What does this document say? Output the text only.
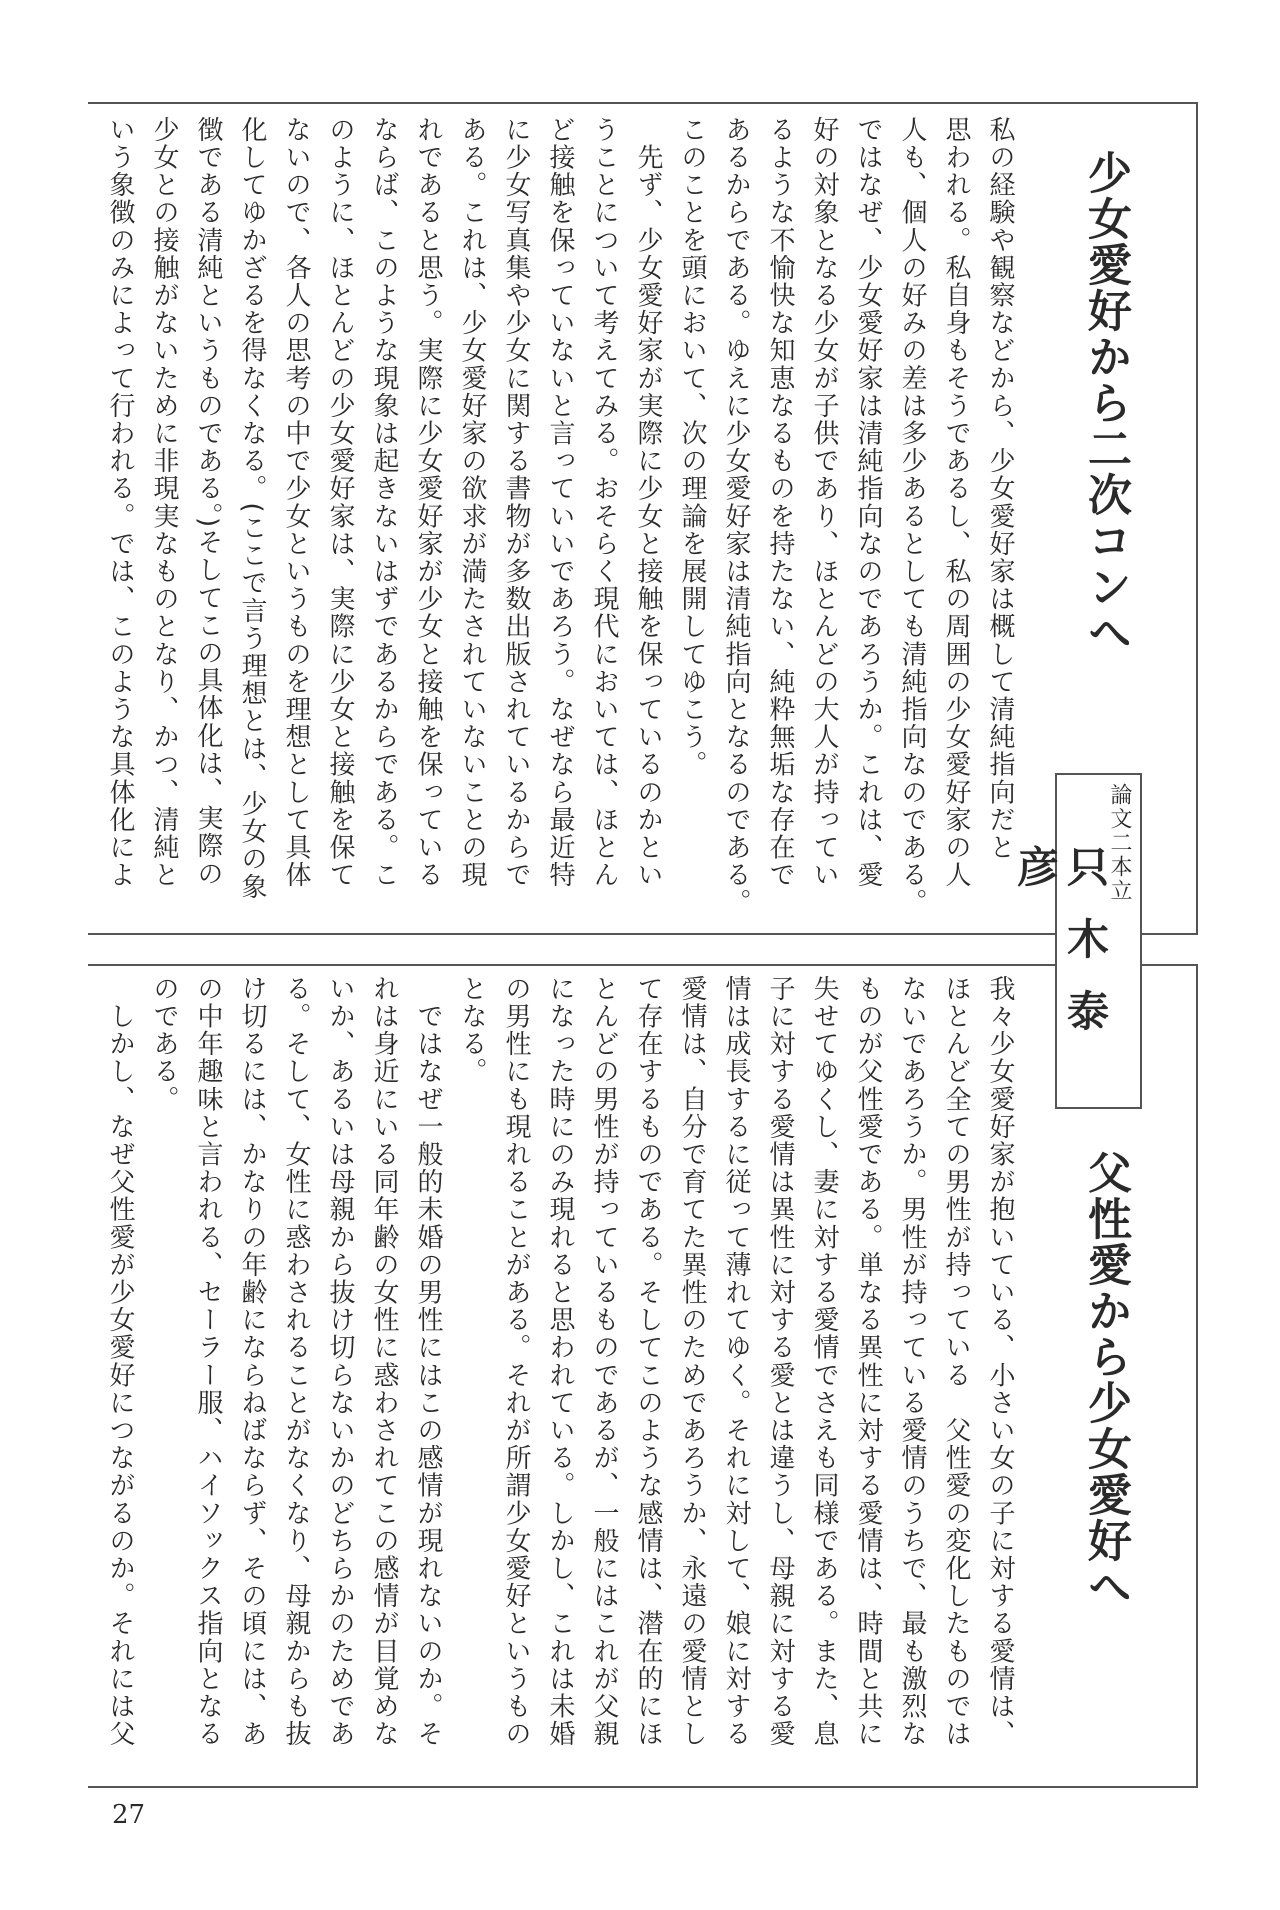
少女愛好から二次コンへ
私の経験や観察などから、少女愛好家は概して清純指向だと
思われる。私自身もそうであるし、私の周囲の少女愛好家の人
人も、個人の好みの差は多少あるとしても清純指向なのである。
ではなぜ、少女愛好家は清純指向なのであろうか。これは、愛
好の対象となる少女が子供であり、ほとんどの大人が持ってい
るような不愉快な知恵なるものを持たない、純粋無垢な存在で
あるからである。ゆえに少女愛好家は清純指向となるのである。
このことを頭において、次の理論を展開してゆこう。
　先ず、少女愛好家が実際に少女と接触を保っているのかとい
うことについて考えてみる。おそらく現代においては、ほとん
ど接触を保っていないと言っていいであろう。なぜなら最近特
に少女写真集や少女に関する書物が多数出版されているからで
ある。これは、少女愛好家の欲求が満たされていないことの現
れであると思う。実際に少女愛好家が少女と接触を保っている
ならば、このような現象は起きないはずであるからである。こ
のように、ほとんどの少女愛好家は、実際に少女と接触を保て
ないので、各人の思考の中で少女というものを理想として具体
化してゆかざるを得なくなる。(ここで言う理想とは、少女の象
徴である清純というものである。)そしてこの具体化は、実際の
少女との接触がないために非現実なものとなり、かつ、清純と
いう象徴のみによって行われる。では、このような具体化によ	論文二本立
只木泰彦
父性愛から少女愛好へ
我々少女愛好家が抱いている、小さい女の子に対する愛情は、
ほとんど全ての男性が持っている　父性愛の変化したものでは
ないであろうか。男性が持っている愛情のうちで、最も激烈な
ものが父性愛である。単なる異性に対する愛情は、時間と共に
失せてゆくし、妻に対する愛情でさえも同様である。また、息
子に対する愛情は異性に対する愛とは違うし、母親に対する愛
情は成長するに従って薄れてゆく。それに対して、娘に対する
愛情は、自分で育てた異性のためであろうか、永遠の愛情とし
て存在するものである。そしてこのような感情は、潜在的にほ
とんどの男性が持っているものであるが、一般にはこれが父親
になった時にのみ現れると思われている。しかし、これは未婚
の男性にも現れることがある。それが所謂少女愛好というもの
となる。
　ではなぜ一般的未婚の男性にはこの感情が現れないのか。そ
れは身近にいる同年齢の女性に惑わされてこの感情が目覚めな
いか、あるいは母親から抜け切らないかのどちらかのためであ
る。そして、女性に惑わされることがなくなり、母親からも抜
け切るには、かなりの年齢にならねばならず、その頃には、あ
の中年趣味と言われる、セーラー服、ハイソックス指向となる
のである。
　しかし、なぜ父性愛が少女愛好につながるのか。それには父
27
